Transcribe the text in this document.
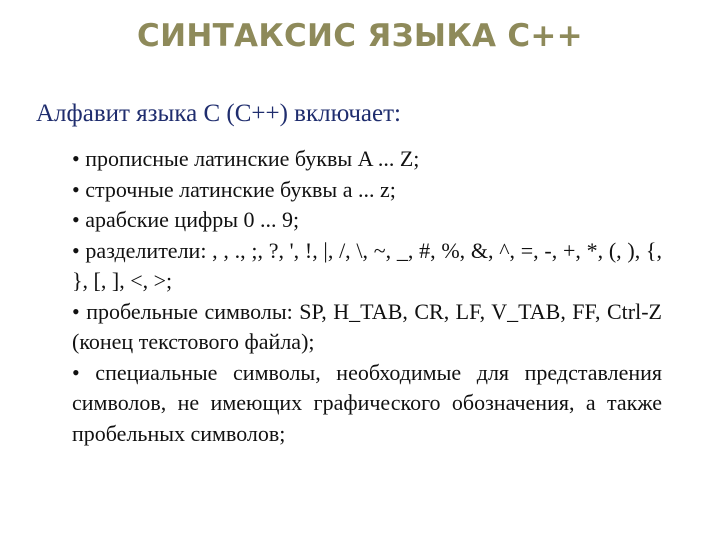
СИНТАКСИС ЯЗЫКА С++

Алфавит языка С (С++) включает:

• прописные латинские буквы A ... Z;

• строчные латинские буквы a ... z;

• арабские цифры 0 ... 9;

• разделители: , , ., ;, ?, ', !, |, /, \, ~, _, #, %, &, ^, =, -, +, *, (, ), {, }, [, ], <, >;

• пробельные символы: SP, H_TAB, CR, LF, V_TAB, FF, Ctrl-Z (конец текстового файла);

• специальные символы, необходимые для представления символов, не имеющих графического обозначения, а также пробельных символов;
